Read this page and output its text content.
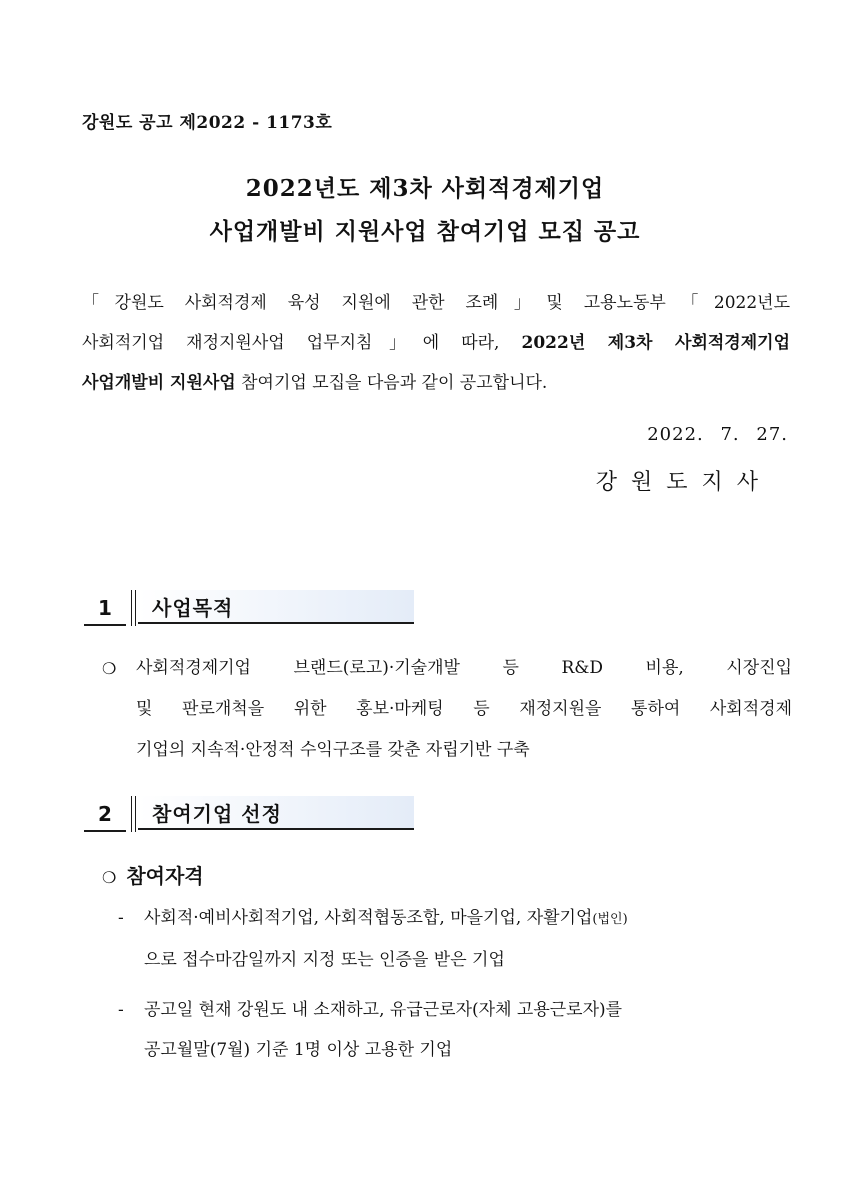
강원도 공고 제2022 - 1173호
2022년도 제3차 사회적경제기업
사업개발비 지원사업 참여기업 모집 공고
「강원도 사회적경제 육성 지원에 관한 조례」및 고용노동부「2022년도
사회적기업 재정지원사업 업무지침」에 따라, 2022년 제3차 사회적경제기업
사업개발비 지원사업 참여기업 모집을 다음과 같이 공고합니다.
2022. 7. 27.
강원도지사
1	사업목적
❍	사회적경제기업 브랜드(로고)·기술개발 등 R&D 비용, 시장진입
및 판로개척을 위한 홍보·마케팅 등 재정지원을 통하여 사회적경제
기업의 지속적·안정적 수익구조를 갖춘 자립기반 구축
2	참여기업 선정
❍ 참여자격
-	사회적·예비사회적기업, 사회적협동조합, 마을기업, 자활기업(법인)
으로 접수마감일까지 지정 또는 인증을 받은 기업
-	공고일 현재 강원도 내 소재하고, 유급근로자(자체 고용근로자)를
공고월말(7월) 기준 1명 이상 고용한 기업
